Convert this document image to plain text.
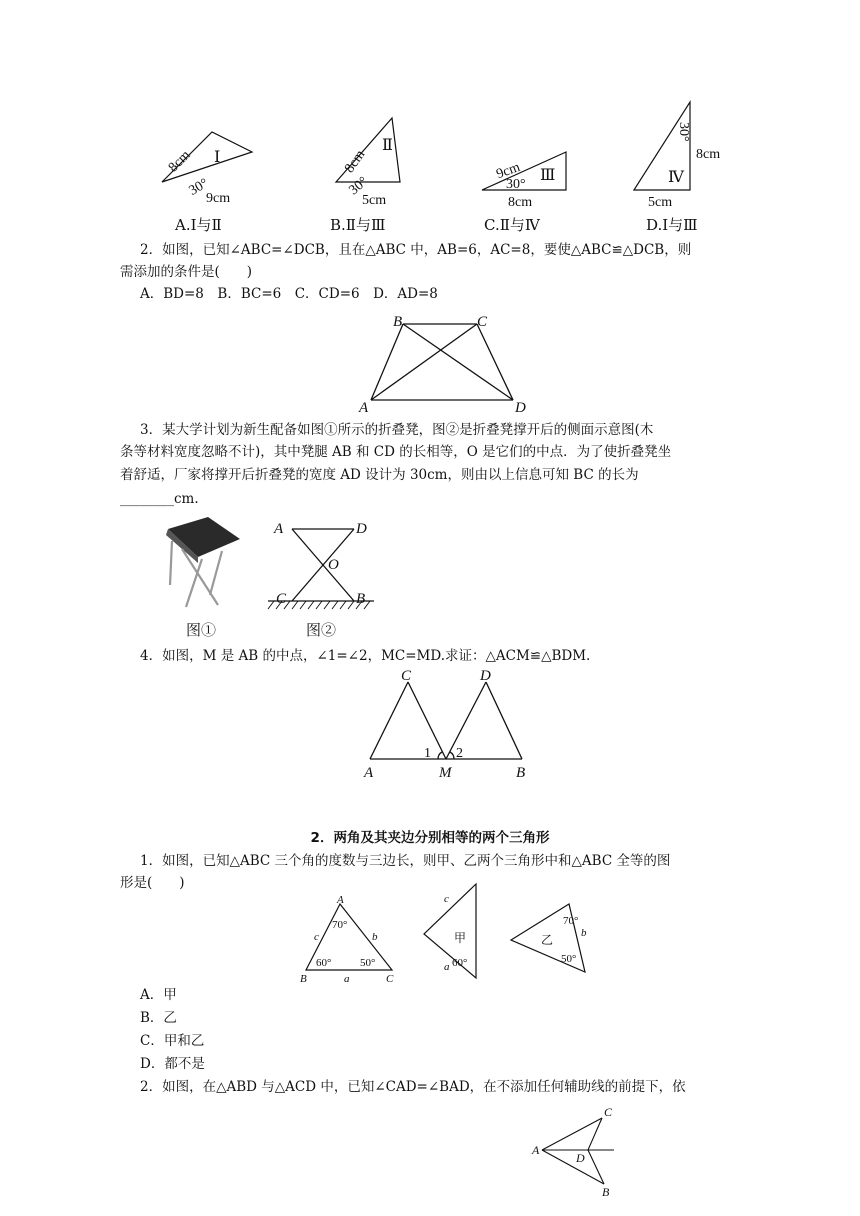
8cm
30°
9cm
Ⅰ	8cm
30°
5cm
Ⅱ
9cm
30°
8cm
Ⅲ
8cm
30°
5cm
Ⅳ
A.Ⅰ与Ⅱ	B.Ⅱ与Ⅲ	C.Ⅱ与Ⅳ	D.Ⅰ与Ⅲ
2．如图，已知∠ABC=∠DCB，且在△ABC 中，AB=6，AC=8，要使△ABC≌△DCB，则
需添加的条件是(　　)
A．BD=8　B．BC=6　C．CD=6　D．AD=8
B	C
A	D
3．某大学计划为新生配备如图①所示的折叠凳，图②是折叠凳撑开后的侧面示意图(木
条等材料宽度忽略不计)，其中凳腿 AB 和 CD 的长相等，O 是它们的中点．为了使折叠凳坐
着舒适，厂家将撑开后折叠凳的宽度 AD 设计为 30cm，则由以上信息可知 BC 的长为
________cm.
图①
A	D
O
C	B
图②
4．如图，M 是 AB 的中点，∠1=∠2，MC=MD.求证：△ACM≌△BDM.
C	D
A	M	B
1 2
2．两角及其夹边分别相等的两个三角形
1．如图，已知△ABC 三个角的度数与三边长，则甲、乙两个三角形中和△ABC 全等的图
形是(　　)
A
B	C
a
b
c
70°
60°	50°
c
a
甲
60°
70°
乙	b
50°
A．甲
B．乙
C．甲和乙
D．都不是
2．如图，在△ABD 与△ACD 中，已知∠CAD=∠BAD，在不添加任何辅助线的前提下，依
A
C
D
B
